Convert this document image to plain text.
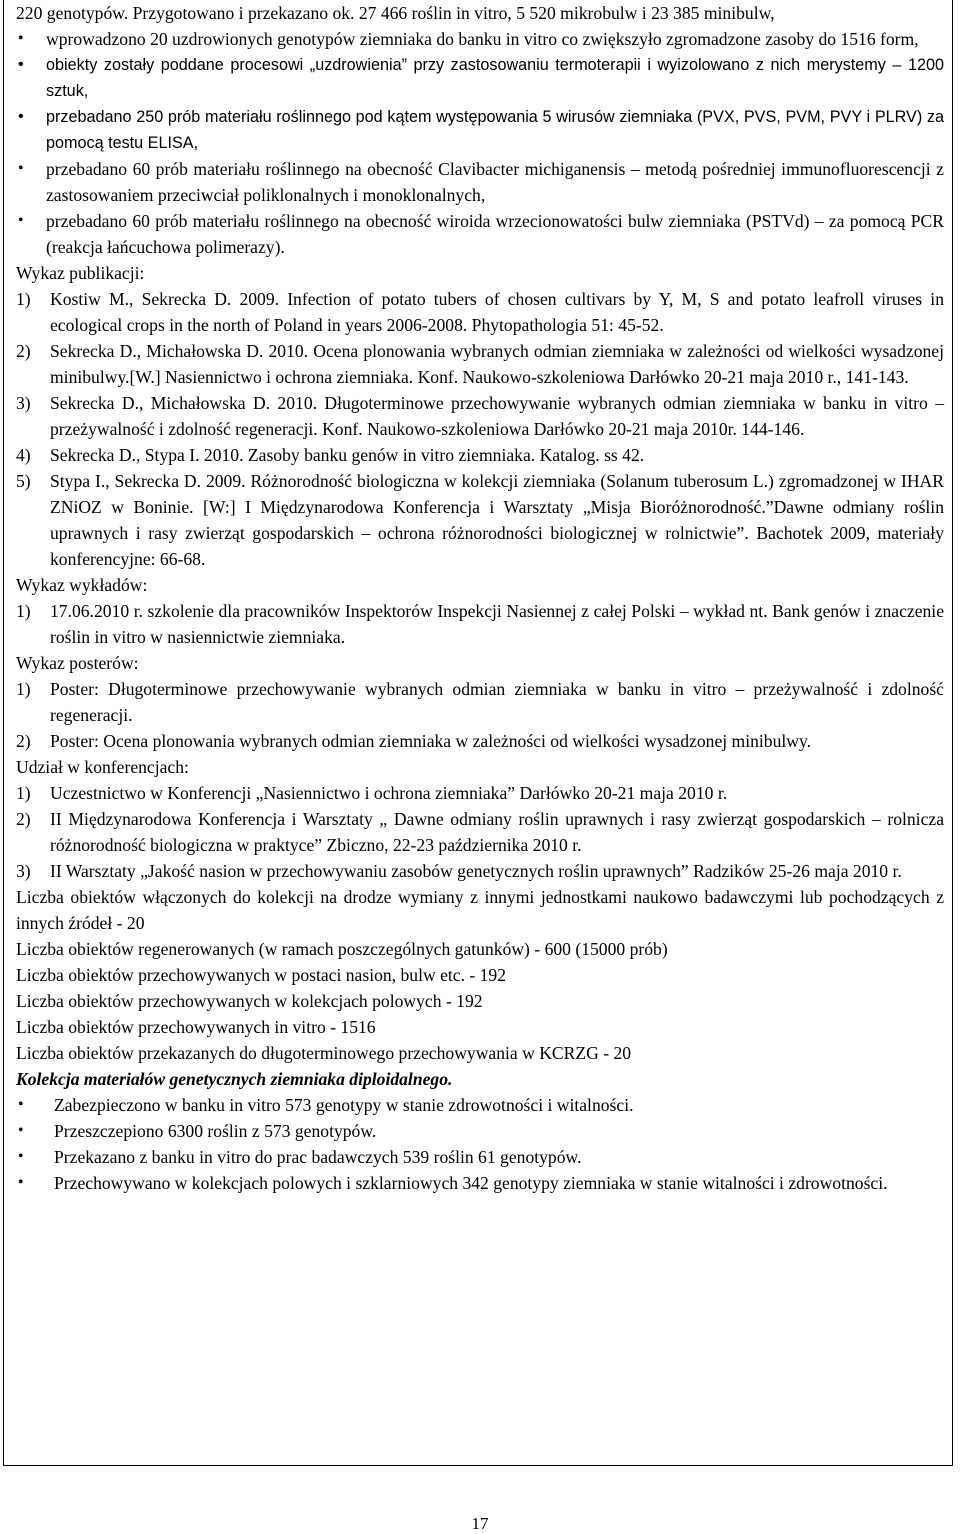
220 genotypów. Przygotowano i przekazano ok. 27 466 roślin in vitro, 5 520 mikrobulw i 23 385 minibulw,

• wprowadzono 20 uzdrowionych genotypów ziemniaka do banku in vitro co zwiększyło zgromadzone zasoby do 1516 form,

• obiekty zostały poddane procesowi „uzdrowienia” przy zastosowaniu termoterapii i wyizolowano z nich merystemy – 1200 sztuk,

• przebadano 250 prób materiału roślinnego pod kątem występowania 5 wirusów ziemniaka (PVX, PVS, PVM, PVY i PLRV) za pomocą testu ELISA,

• przebadano 60 prób materiału roślinnego na obecność Clavibacter michiganensis – metodą pośredniej immunofluorescencji z zastosowaniem przeciwciał poliklonalnych i monoklonalnych,

• przebadano 60 prób materiału roślinnego na obecność wiroida wrzecionowatości bulw ziemniaka (PSTVd) – za pomocą PCR (reakcja łańcuchowa polimerazy).

Wykaz publikacji:

1)	Kostiw M., Sekrecka D. 2009. Infection of potato tubers of chosen cultivars by Y, M, S and potato leafroll viruses in ecological crops in the north of Poland in years 2006-2008. Phytopathologia 51: 45-52.
2)	Sekrecka D., Michałowska D. 2010. Ocena plonowania wybranych odmian ziemniaka w zależności od wielkości wysadzonej minibulwy.[W.] Nasiennictwo i ochrona ziemniaka. Konf. Naukowo-szkoleniowa Darłówko 20-21 maja 2010 r., 141-143.
3)	Sekrecka D., Michałowska D. 2010. Długoterminowe przechowywanie wybranych odmian ziemniaka w banku in vitro – przeżywalność i zdolność regeneracji. Konf. Naukowo-szkoleniowa Darłówko 20-21 maja 2010r. 144-146.
4)	Sekrecka D., Stypa I. 2010. Zasoby banku genów in vitro ziemniaka. Katalog. ss 42.
5)	Stypa I., Sekrecka D. 2009. Różnorodność biologiczna w kolekcji ziemniaka (Solanum tuberosum L.) zgromadzonej w IHAR ZNiOZ w Boninie. [W:] I Międzynarodowa Konferencja i Warsztaty „Misja Bioróżnorodność.”Dawne odmiany roślin uprawnych i rasy zwierząt gospodarskich – ochrona różnorodności biologicznej w rolnictwie”. Bachotek 2009, materiały konferencyjne: 66-68.

Wykaz wykładów:

1)	17.06.2010 r. szkolenie dla pracowników Inspektorów Inspekcji Nasiennej z całej Polski – wykład nt. Bank genów i znaczenie roślin in vitro w nasiennictwie ziemniaka.

Wykaz posterów:

1)	Poster: Długoterminowe przechowywanie wybranych odmian ziemniaka w banku in vitro – przeżywalność i zdolność regeneracji.
2)	Poster: Ocena plonowania wybranych odmian ziemniaka w zależności od wielkości wysadzonej minibulwy.

Udział w konferencjach:

1)	Uczestnictwo w Konferencji „Nasiennictwo i ochrona ziemniaka” Darłówko 20-21 maja 2010 r.
2)	II Międzynarodowa Konferencja i Warsztaty „ Dawne odmiany roślin uprawnych i rasy zwierząt gospodarskich – rolnicza różnorodność biologiczna w praktyce” Zbiczno, 22-23 października 2010 r.
3)	II Warsztaty „Jakość nasion w przechowywaniu zasobów genetycznych roślin uprawnych” Radzików 25-26 maja 2010 r.

Liczba obiektów włączonych do kolekcji na drodze wymiany z innymi jednostkami naukowo badawczymi lub pochodzących z innych źródeł - 20

Liczba obiektów regenerowanych (w ramach poszczególnych gatunków) - 600 (15000 prób)

Liczba obiektów przechowywanych w postaci nasion, bulw etc. - 192

Liczba obiektów przechowywanych w kolekcjach polowych - 192

Liczba obiektów przechowywanych in vitro - 1516

Liczba obiektów przekazanych do długoterminowego przechowywania w KCRZG - 20

Kolekcja materiałów genetycznych ziemniaka diploidalnego.

• Zabezpieczono w banku in vitro 573 genotypy w stanie zdrowotności i witalności.

• Przeszczepiono 6300 roślin z 573 genotypów.

• Przekazano z banku in vitro do prac badawczych 539 roślin 61 genotypów.

• Przechowywano w kolekcjach polowych i szklarniowych 342 genotypy ziemniaka w stanie witalności i zdrowotności.

17
